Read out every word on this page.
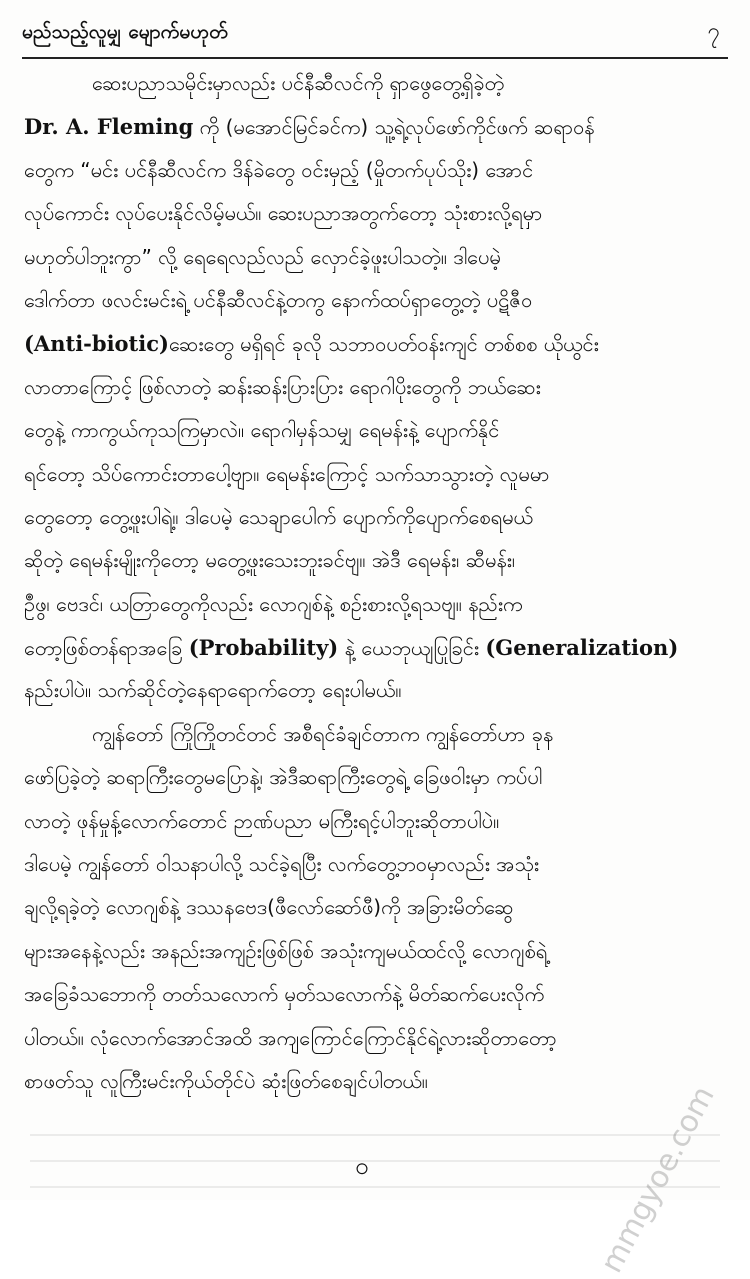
မည်သည့်လူမျှ မျောက်မဟုတ်	၇
ဆေးပညာသမိုင်းမှာလည်း ပင်နီဆီလင်ကို ရှာဖွေတွေ့ရှိခဲ့တဲ့
Dr. A. Fleming ကို (မအောင်မြင်ခင်က) သူ့ရဲ့လုပ်ဖော်ကိုင်ဖက် ဆရာဝန်
တွေက “မင်း ပင်နီဆီလင်က ဒိန်ခဲတွေ ဝင်းမှည့် (မှိုတက်ပုပ်သိုး) အောင်
လုပ်ကောင်း လုပ်ပေးနိုင်လိမ့်မယ်။ ဆေးပညာအတွက်တော့ သုံးစားလို့ရမှာ
မဟုတ်ပါဘူးကွာ” လို့ ရေရေလည်လည် လှောင်ခဲ့ဖူးပါသတဲ့။ ဒါပေမဲ့
ဒေါက်တာ ဖလင်းမင်းရဲ့ ပင်နီဆီလင်နဲ့တကွ နောက်ထပ်ရှာတွေ့တဲ့ ပဋိဇီဝ
(Anti-biotic)ဆေးတွေ မရှိရင် ခုလို သဘာဝပတ်ဝန်းကျင် တစ်စစ ယိုယွင်း
လာတာကြောင့် ဖြစ်လာတဲ့ ဆန်းဆန်းပြားပြား ရောဂါပိုးတွေကို ဘယ်ဆေး
တွေနဲ့ ကာကွယ်ကုသကြမှာလဲ။ ရောဂါမှန်သမျှ ရေမန်းနဲ့ ပျောက်နိုင်
ရင်တော့ သိပ်ကောင်းတာပေါ့ဗျာ။ ရေမန်းကြောင့် သက်သာသွားတဲ့ လူမမာ
တွေတော့ တွေ့ဖူးပါရဲ့။ ဒါပေမဲ့ သေချာပေါက် ပျောက်ကိုပျောက်စေရမယ်
ဆိုတဲ့ ရေမန်းမျိုးကိုတော့ မတွေ့ဖူးသေးဘူးခင်ဗျ။ အဲဒီ ရေမန်း၊ ဆီမန်း၊
ဥဳဖွ၊ ဗေဒင်၊ ယတြာတွေကိုလည်း လောဂျစ်နဲ့ စဉ်းစားလို့ရသဗျ။ နည်းက
တော့ဖြစ်တန်ရာအခြေ (Probability) နဲ့ ယေဘုယျပြုခြင်း (Generalization)
နည်းပါပဲ။ သက်ဆိုင်တဲ့နေရာရောက်တော့ ရေးပါမယ်။
ကျွန်တော် ကြိုကြိုတင်တင် အစီရင်ခံချင်တာက ကျွန်တော်ဟာ ခုန
ဖော်ပြခဲ့တဲ့ ဆရာကြီးတွေမပြောနဲ့၊ အဲဒီဆရာကြီးတွေရဲ့ ခြေဖဝါးမှာ ကပ်ပါ
လာတဲ့ ဖုန်မှုန့်လောက်တောင် ဉာဏ်ပညာ မကြီးရင့်ပါဘူးဆိုတာပါပဲ။
ဒါပေမဲ့ ကျွန်တော် ဝါသနာပါလို့ သင်ခဲ့ရပြီး လက်တွေ့ဘဝမှာလည်း အသုံး
ချလို့ရခဲ့တဲ့ လောဂျစ်နဲ့ ဒဿနဗေဒ(ဖီလော်ဆော်ဖီ)ကို အခြားမိတ်ဆွေ
များအနေနဲ့လည်း အနည်းအကျဉ်းဖြစ်ဖြစ် အသုံးကျမယ်ထင်လို့ လောဂျစ်ရဲ့
အခြေခံသဘောကို တတ်သလောက် မှတ်သလောက်နဲ့ မိတ်ဆက်ပေးလိုက်
ပါတယ်။ လုံလောက်အောင်အထိ အကျကြောင်ကြောင်နိုင်ရဲ့လားဆိုတာတော့
စာဖတ်သူ လူကြီးမင်းကိုယ်တိုင်ပဲ ဆုံးဖြတ်စေချင်ပါတယ်။	mmgyoe.com
၀
